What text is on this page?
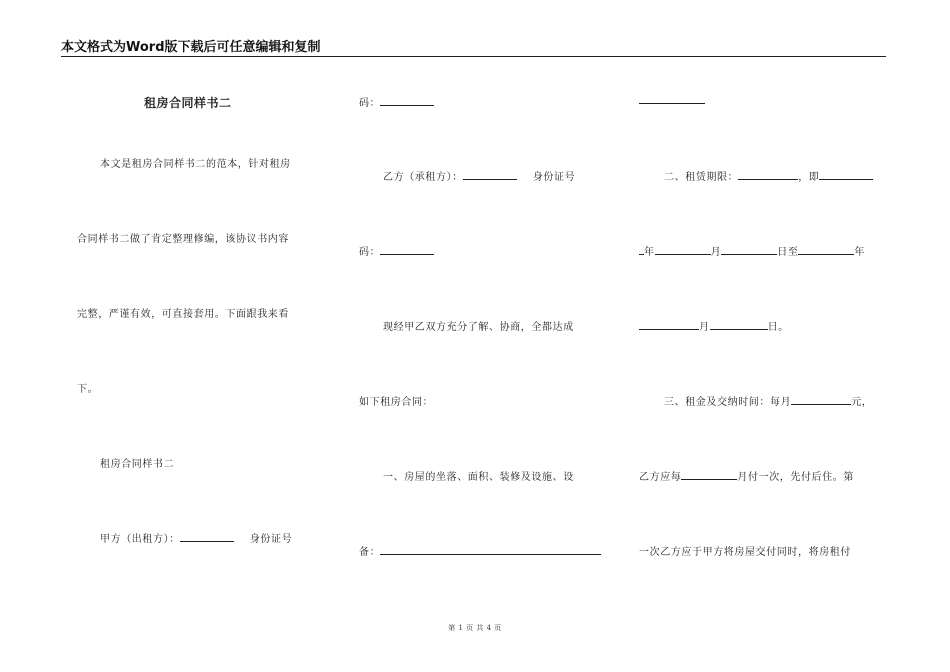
本文格式为Word版下载后可任意编辑和复制
租房合同样书二
本文是租房合同样书二的范本，针对租房
合同样书二做了肯定整理修编，该协议书内容
完整，严谨有效，可直接套用。下面跟我来看
下。
租房合同样书二
甲方（出租方）：	身份证号
码：
乙方（承租方）：	身份证号
码：
现经甲乙双方充分了解、协商，全都达成
如下租房合同：
一、房屋的坐落、面积、装修及设施、设
备：
二、租赁期限：	，即
年	月	日至	年
月	日。
三、租金及交纳时间：每月	元，
乙方应每	月付一次，先付后住。第
一次乙方应于甲方将房屋交付同时，将房租付
第 1 页 共 4 页
